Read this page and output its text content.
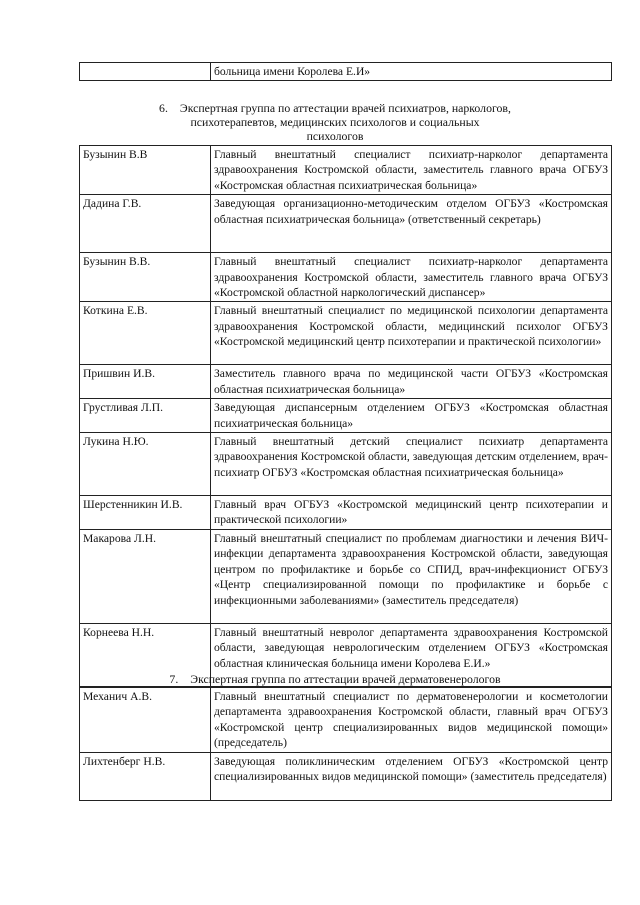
	больница имени Королева Е.И»
6. Экспертная группа по аттестации врачей психиатров, наркологов,
психотерапевтов, медицинских психологов и социальных
психологов
Бузынин В.В	Главный внештатный специалист психиатр-нарколог департамента здравоохранения Костромской области, заместитель главного врача ОГБУЗ «Костромская областная психиатрическая больница»
Дадина Г.В.	Заведующая организационно-методическим отделом ОГБУЗ «Костромская областная психиатрическая больница» (ответственный секретарь)
Бузынин В.В.	Главный внештатный специалист психиатр-нарколог департамента здравоохранения Костромской области, заместитель главного врача ОГБУЗ «Костромской областной наркологический диспансер»
Коткина Е.В.	Главный внештатный специалист по медицинской психологии департамента здравоохранения Костромской области, медицинский психолог ОГБУЗ «Костромской медицинский центр психотерапии и практической психологии»
Пришвин И.В.	Заместитель главного врача по медицинской части ОГБУЗ «Костромская областная психиатрическая больница»
Грустливая Л.П.	Заведующая диспансерным отделением ОГБУЗ «Костромская областная психиатрическая больница»
Лукина Н.Ю.	Главный внештатный детский специалист психиатр департамента здравоохранения Костромской области, заведующая детским отделением, врач-психиатр ОГБУЗ «Костромская областная психиатрическая больница»
Шерстенникин И.В.	Главный врач ОГБУЗ «Костромской медицинский центр психотерапии и практической психологии»
Макарова Л.Н.	Главный внештатный специалист по проблемам диагностики и лечения ВИЧ-инфекции департамента здравоохранения Костромской области, заведующая центром по профилактике и борьбе со СПИД, врач-инфекционист ОГБУЗ «Центр специализированной помощи по профилактике и борьбе с инфекционными заболеваниями» (заместитель председателя)
Корнеева Н.Н.	Главный внештатный невролог департамента здравоохранения Костромской области, заведующая неврологическим отделением ОГБУЗ «Костромская областная клиническая больница имени Королева Е.И.»
7. Экспертная группа по аттестации врачей дерматовенерологов
Механич А.В.	Главный внештатный специалист по дерматовенерологии и косметологии департамента здравоохранения Костромской области, главный врач ОГБУЗ «Костромской центр специализированных видов медицинской помощи» (председатель)
Лихтенберг Н.В.	Заведующая поликлиническим отделением ОГБУЗ «Костромской центр специализированных видов медицинской помощи» (заместитель председателя)
